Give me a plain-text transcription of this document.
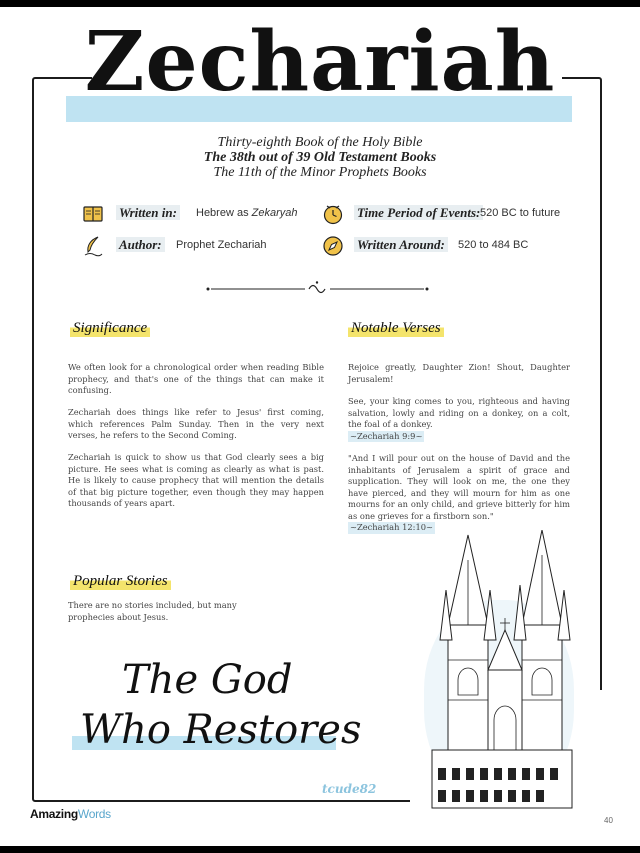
Zechariah
Thirty-eighth Book of the Holy Bible
The 38th out of 39 Old Testament Books
The 11th of the Minor Prophets Books
Written in: Hebrew as Zekaryah
Author: Prophet Zechariah
Time Period of Events: 520 BC to future
Written Around: 520 to 484 BC
Significance

We often look for a chronological order when reading Bible prophecy, and that's one of the things that can make it confusing.

Zechariah does things like refer to Jesus' first coming, which references Palm Sunday. Then in the very next verses, he refers to the Second Coming.

Zechariah is quick to show us that God clearly sees a big picture. He sees what is coming as clearly as what is past. He is likely to cause prophecy that will mention the details of that big picture together, even though they may happen thousands of years apart.

Notable Verses

Rejoice greatly, Daughter Zion! Shout, Daughter Jerusalem!

See, your king comes to you, righteous and having salvation, lowly and riding on a donkey, on a colt, the foal of a donkey.
~Zechariah 9:9~

"And I will pour out on the house of David and the inhabitants of Jerusalem a spirit of grace and supplication. They will look on me, the one they have pierced, and they will mourn for him as one mourns for an only child, and grieve bitterly for him as one grieves for a firstborn son."
~Zechariah 12:10~

Popular Stories

There are no stories included, but many prophecies about Jesus.

The God
Who Restores
tcude82
AmazingWords	40
